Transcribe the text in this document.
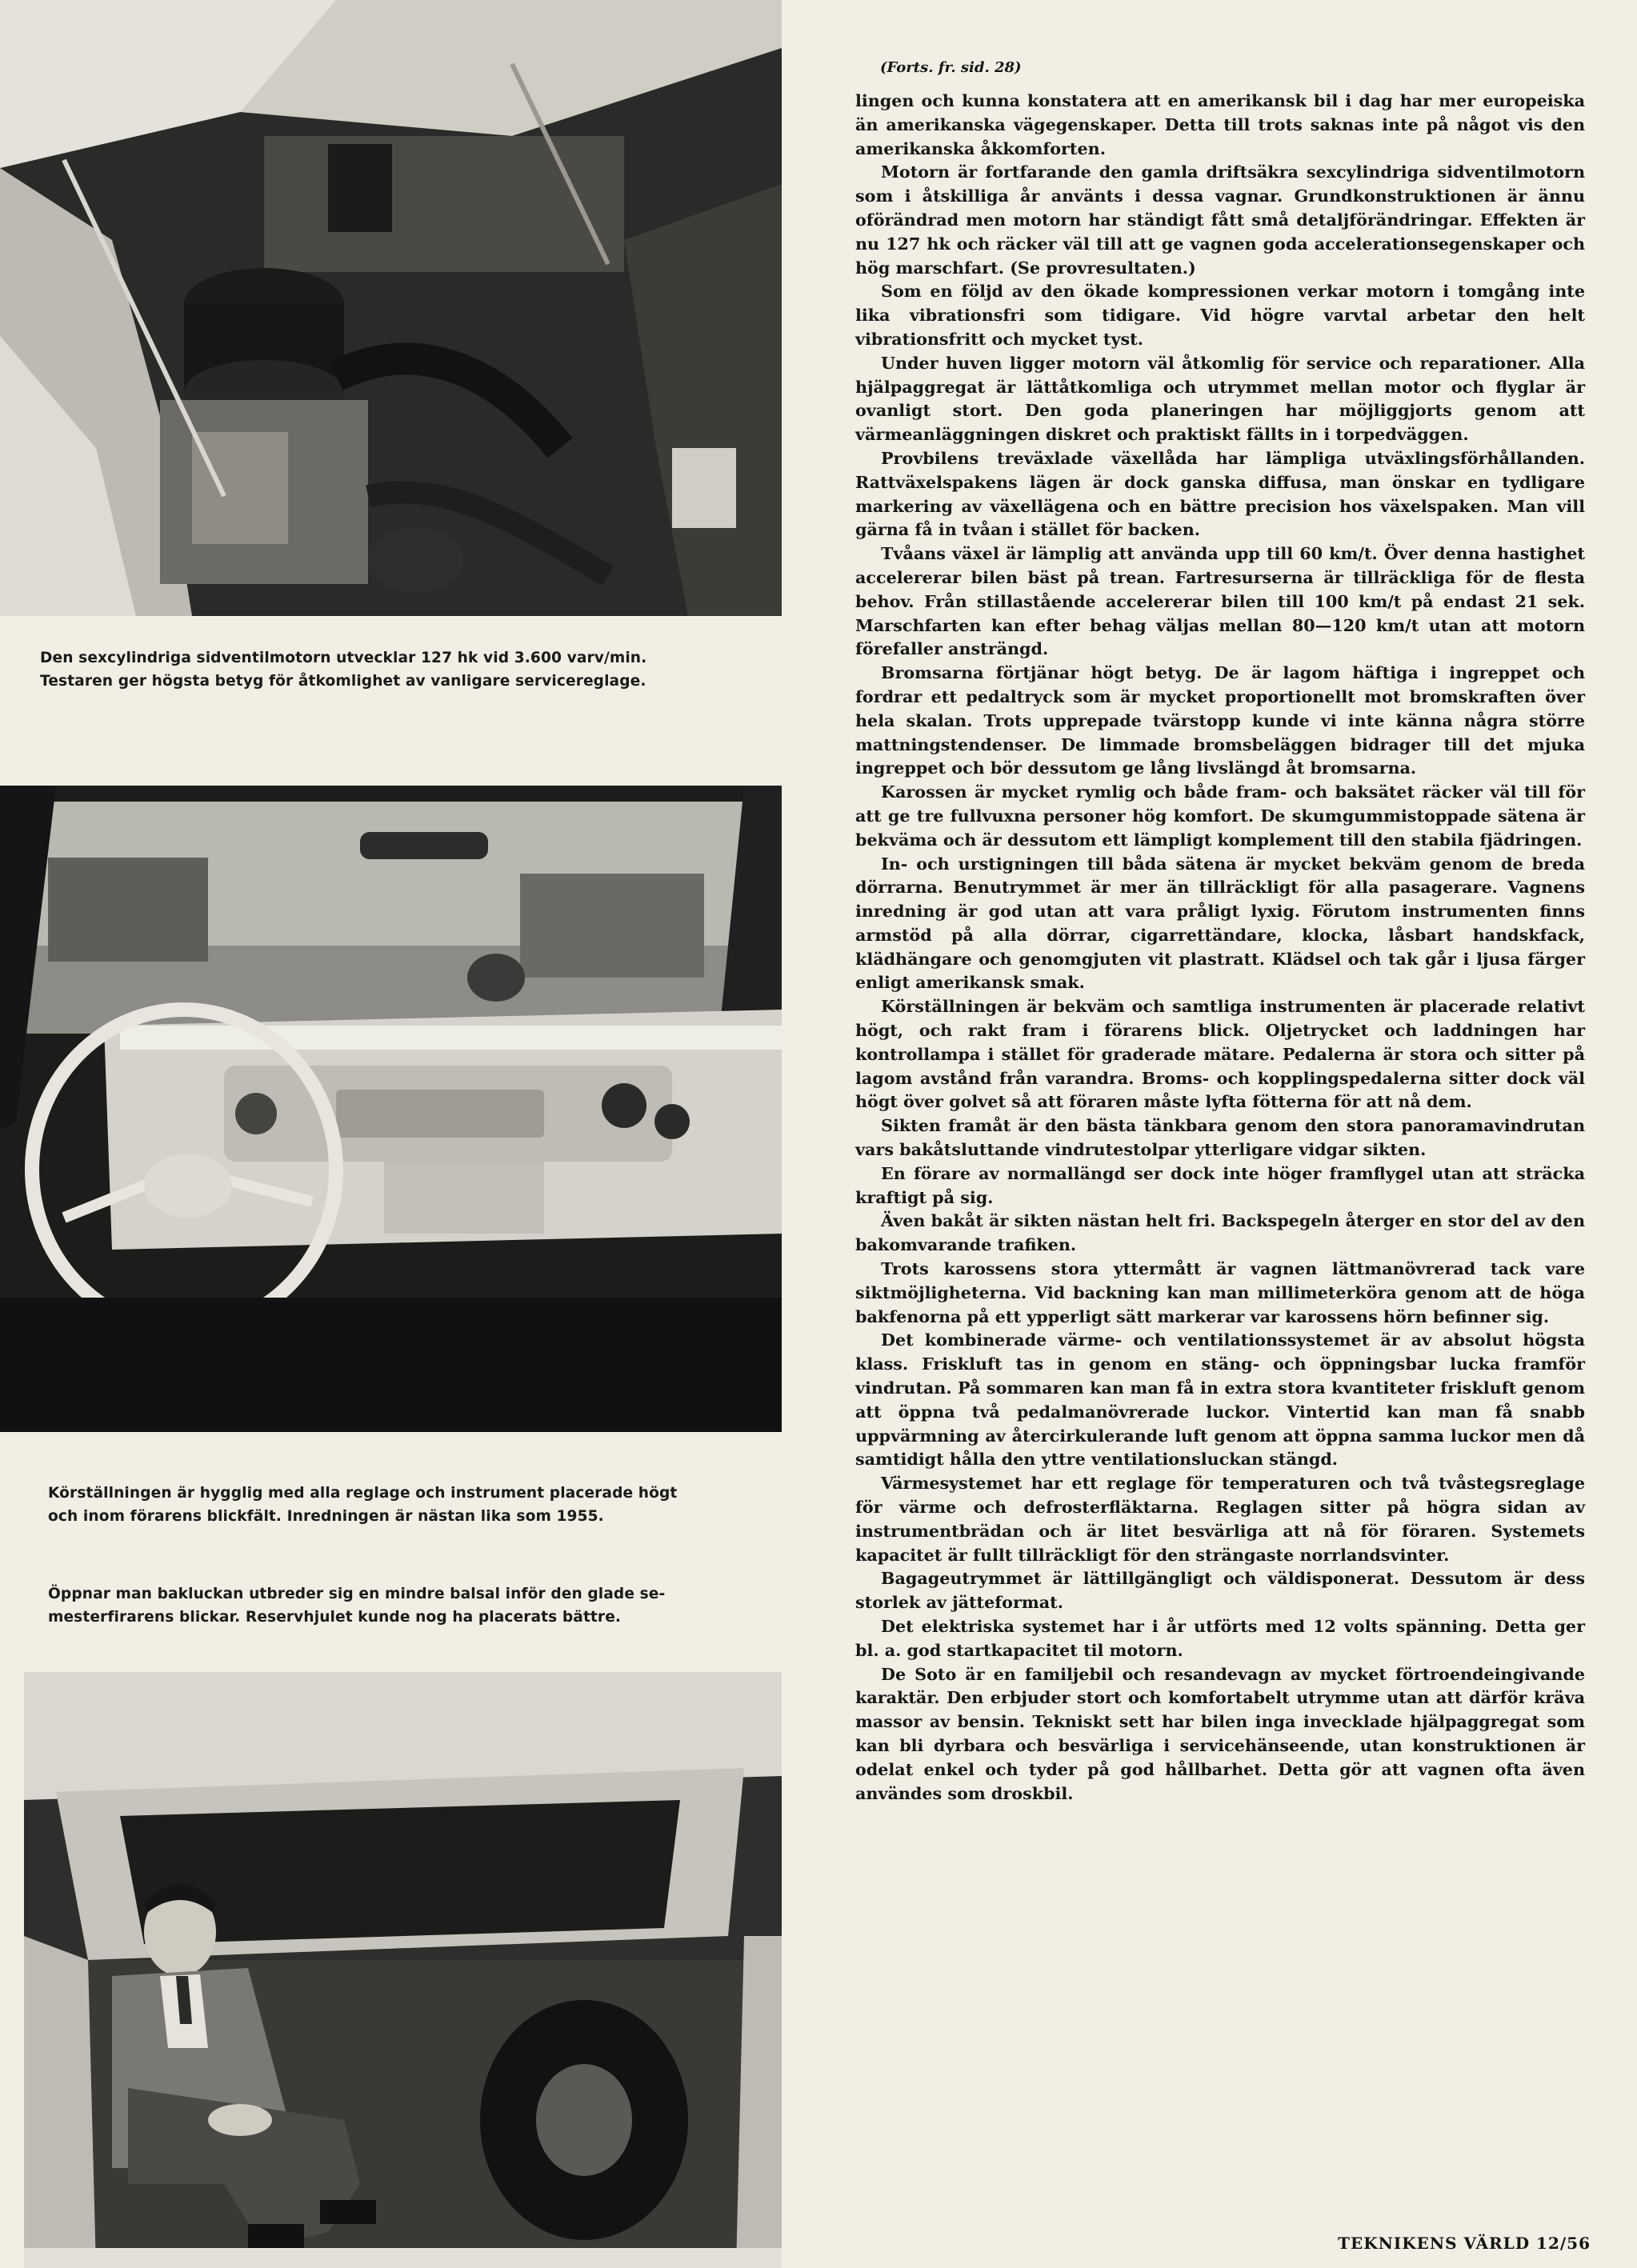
Den sexcylindriga sidventilmotorn utvecklar 127 hk vid 3.600 varv/min.

Testaren ger högsta betyg för åtkomlighet av vanligare servicereglage.

Körställningen är hygglig med alla reglage och instrument placerade högt

och inom förarens blickfält. Inredningen är nästan lika som 1955.

Öppnar man bakluckan utbreder sig en mindre balsal inför den glade se-

mesterfirarens blickar. Reservhjulet kunde nog ha placerats bättre.

(Forts. fr. sid. 28)

lingen och kunna konstatera att en amerikansk bil i dag har mer europeiska än amerikanska vägegenskaper. Detta till trots saknas inte på något vis den amerikanska åkkomforten.

Motorn är fortfarande den gamla driftsäkra sexcylindriga sidventilmotorn som i åtskilliga år använts i dessa vagnar. Grundkonstruktionen är ännu oförändrad men motorn har ständigt fått små detaljförändringar. Effekten är nu 127 hk och räcker väl till att ge vagnen goda accelerationsegenskaper och hög marschfart. (Se provresultaten.)

Som en följd av den ökade kompressionen verkar motorn i tomgång inte lika vibrationsfri som tidigare. Vid högre varvtal arbetar den helt vibrationsfritt och mycket tyst.

Under huven ligger motorn väl åtkomlig för service och reparationer. Alla hjälpaggregat är lättåtkomliga och utrymmet mellan motor och flyglar är ovanligt stort. Den goda planeringen har möjliggjorts genom att värmeanläggningen diskret och praktiskt fällts in i torpedväggen.

Provbilens treväxlade växellåda har lämpliga utväxlingsförhållanden. Rattväxelspakens lägen är dock ganska diffusa, man önskar en tydligare markering av växellägena och en bättre precision hos växelspaken. Man vill gärna få in tvåan i stället för backen.

Tvåans växel är lämplig att använda upp till 60 km/t. Över denna hastighet accelererar bilen bäst på trean. Fartresurserna är tillräckliga för de flesta behov. Från stillastående accelererar bilen till 100 km/t på endast 21 sek. Marschfarten kan efter behag väljas mellan 80—120 km/t utan att motorn förefaller ansträngd.

Bromsarna förtjänar högt betyg. De är lagom häftiga i ingreppet och fordrar ett pedaltryck som är mycket proportionellt mot bromskraften över hela skalan. Trots upprepade tvärstopp kunde vi inte känna några större mattningstendenser. De limmade bromsbeläggen bidrager till det mjuka ingreppet och bör dessutom ge lång livslängd åt bromsarna.

Karossen är mycket rymlig och både fram- och baksätet räcker väl till för att ge tre fullvuxna personer hög komfort. De skumgummistoppade sätena är bekväma och är dessutom ett lämpligt komplement till den stabila fjädringen.

In- och urstigningen till båda sätena är mycket bekväm genom de breda dörrarna. Benutrymmet är mer än tillräckligt för alla pasagerare. Vagnens inredning är god utan att vara pråligt lyxig. Förutom instrumenten finns armstöd på alla dörrar, cigarrettändare, klocka, låsbart handskfack, klädhängare och genomgjuten vit plastratt. Klädsel och tak går i ljusa färger enligt amerikansk smak.

Körställningen är bekväm och samtliga instrumenten är placerade relativt högt, och rakt fram i förarens blick. Oljetrycket och laddningen har kontrollampa i stället för graderade mätare. Pedalerna är stora och sitter på lagom avstånd från varandra. Broms- och kopplingspedalerna sitter dock väl högt över golvet så att föraren måste lyfta fötterna för att nå dem.

Sikten framåt är den bästa tänkbara genom den stora panoramavindrutan vars bakåtsluttande vindrutestolpar ytterligare vidgar sikten.

En förare av normallängd ser dock inte höger framflygel utan att sträcka kraftigt på sig.

Även bakåt är sikten nästan helt fri. Backspegeln återger en stor del av den bakomvarande trafiken.

Trots karossens stora yttermått är vagnen lättmanövrerad tack vare siktmöjligheterna. Vid backning kan man millimeterköra genom att de höga bakfenorna på ett ypperligt sätt markerar var karossens hörn befinner sig.

Det kombinerade värme- och ventilationssystemet är av absolut högsta klass. Friskluft tas in genom en stäng- och öppningsbar lucka framför vindrutan. På sommaren kan man få in extra stora kvantiteter friskluft genom att öppna två pedalmanövrerade luckor. Vintertid kan man få snabb uppvärmning av återcirkulerande luft genom att öppna samma luckor men då samtidigt hålla den yttre ventilationsluckan stängd.

Värmesystemet har ett reglage för temperaturen och två tvåstegsreglage för värme och defrosterfläktarna. Reglagen sitter på högra sidan av instrumentbrädan och är litet besvärliga att nå för föraren. Systemets kapacitet är fullt tillräckligt för den strängaste norrlandsvinter.

Bagageutrymmet är lättillgängligt och väldisponerat. Dessutom är dess storlek av jätteformat.

Det elektriska systemet har i år utförts med 12 volts spänning. Detta ger bl. a. god startkapacitet til motorn.

De Soto är en familjebil och resandevagn av mycket förtroendeingivande karaktär. Den erbjuder stort och komfortabelt utrymme utan att därför kräva massor av bensin. Tekniskt sett har bilen inga invecklade hjälpaggregat som kan bli dyrbara och besvärliga i servicehänseende, utan konstruktionen är odelat enkel och tyder på god hållbarhet. Detta gör att vagnen ofta även användes som droskbil.

TEKNIKENS VÄRLD 12/56
